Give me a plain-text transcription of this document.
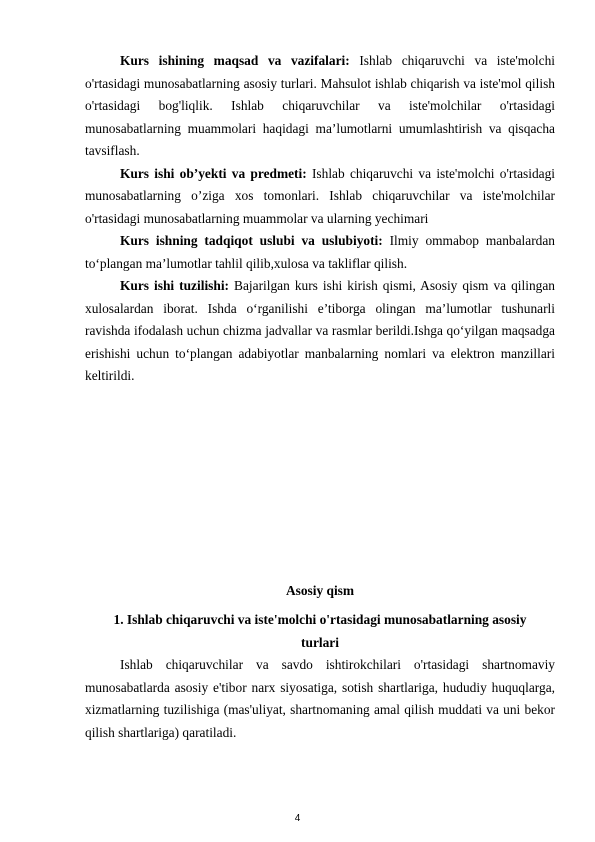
Kurs ishining maqsad va vazifalari: Ishlab chiqaruvchi va iste'molchi o'rtasidagi munosabatlarning asosiy turlari. Mahsulot ishlab chiqarish va iste'mol qilish o'rtasidagi bog'liqlik. Ishlab chiqaruvchilar va iste'molchilar o'rtasidagi munosabatlarning muammolari haqidagi ma’lumotlarni umumlashtirish va qisqacha tavsiflash.

Kurs ishi ob’yekti va predmeti: Ishlab chiqaruvchi va iste'molchi o'rtasidagi munosabatlarning o’ziga xos tomonlari. Ishlab chiqaruvchilar va iste'molchilar o'rtasidagi munosabatlarning muammolar va ularning yechimari

Kurs ishning tadqiqot uslubi va uslubiyoti: Ilmiy ommabop manbalardan to‘plangan ma’lumotlar tahlil qilib,xulosa va takliflar qilish.

Kurs ishi tuzilishi: Bajarilgan kurs ishi kirish qismi, Asosiy qism va qilingan xulosalardan iborat. Ishda o‘rganilishi e’tiborga olingan ma’lumotlar tushunarli ravishda ifodalash uchun chizma jadvallar va rasmlar berildi.Ishga qo‘yilgan maqsadga erishishi uchun to‘plangan adabiyotlar manbalarning nomlari va elektron manzillari keltirildi.

Asosiy qism
1. Ishlab chiqaruvchi va iste'molchi o'rtasidagi munosabatlarning asosiy turlari

Ishlab chiqaruvchilar va savdo ishtirokchilari o'rtasidagi shartnomaviy munosabatlarda asosiy e'tibor narx siyosatiga, sotish shartlariga, hududiy huquqlarga, xizmatlarning tuzilishiga (mas'uliyat, shartnomaning amal qilish muddati va uni bekor qilish shartlariga) qaratiladi.

4
